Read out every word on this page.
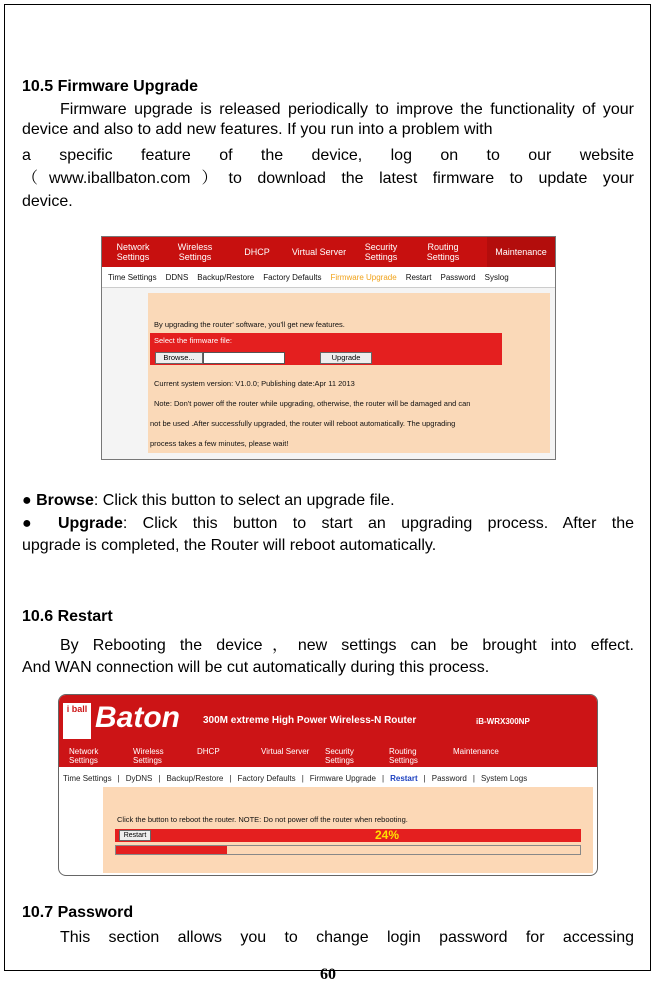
10.5 Firmware Upgrade
Firmware upgrade is released periodically to improve the functionality of your device and also to add new features. If you run into a problem with
a specific feature of the device, log on to our website
（www.iballbaton.com）to download the latest firmware to update your
device.
Network Settings
Wireless Settings	DHCP	Virtual Server	Security Settings
Routing Settings	Maintenance
Time Settings DDNS Backup/Restore Factory Defaults Firmware Upgrade Restart Password Syslog
By upgrading the router' software, you'll get new features.
Select the firmware file:
Browse...	No file selected.	Upgrade
Current system version: V1.0.0; Publishing date:Apr 11 2013
Note: Don't power off the router while upgrading, otherwise, the router will be damaged and can
not be used .After successfully upgraded, the router will reboot automatically. The upgrading
process takes a few minutes, please wait!
● Browse: Click this button to select an upgrade file.
● Upgrade: Click this button to start an upgrading process. After the
upgrade is completed, the Router will reboot automatically.
10.6 Restart
By Rebooting the device，new settings can be brought into effect.
And WAN connection will be cut automatically during this process.
i ball Baton 300M extreme High Power Wireless-N Router	iB-WRX300NP
Network Settings
Wireless Settings
DHCP	Virtual Server	Security Settings
Routing Settings
Maintenance
Time Settings | DyDNS | Backup/Restore | Factory Defaults | Firmware Upgrade | Restart | Password | System Logs
Click the button to reboot the router. NOTE: Do not power off the router when rebooting.
Restart	24%
10.7 Password
This section allows you to change login password for accessing
60
